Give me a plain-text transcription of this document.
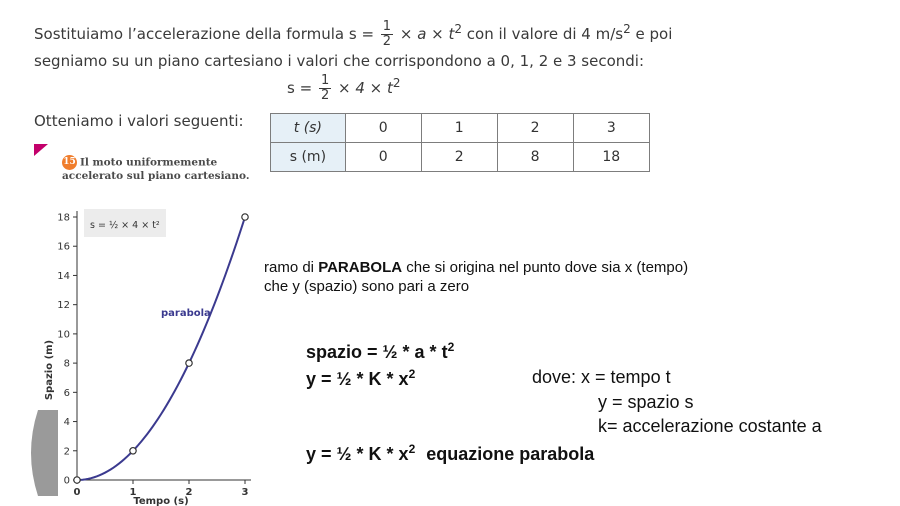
Sostituiamo l’accelerazione della formula $s = \frac{1}{2} \times a \times t^2$ con il valore di 4 $m/s^2$ e poi
segniamo su un piano cartesiano i valori che corrispondono a 0, 1, 2 e 3 secondi:
$s = \frac{1}{2} \times 4 \times t^2$
Otteniamo i valori seguenti:	t (s)	0	1	2	3
s (m)	0	2	8	18
15 Il moto uniformemente
accelerato sul piano cartesiano.
Spazio (m)
Tempo (s)
0
2
4
6
8
10
12
14
16
18
0	1	2	3
s = ½ × 4 × t²
parabola
ramo di PARABOLA che si origina nel punto dove sia x (tempo)
che y (spazio) sono pari a zero
spazio = ½ * a * $t^2$
y = ½ * K * $x^2$	dove: x = tempo t
y = spazio s
k= accelerazione costante a
y = ½ * K * $x^2$ equazione parabola
